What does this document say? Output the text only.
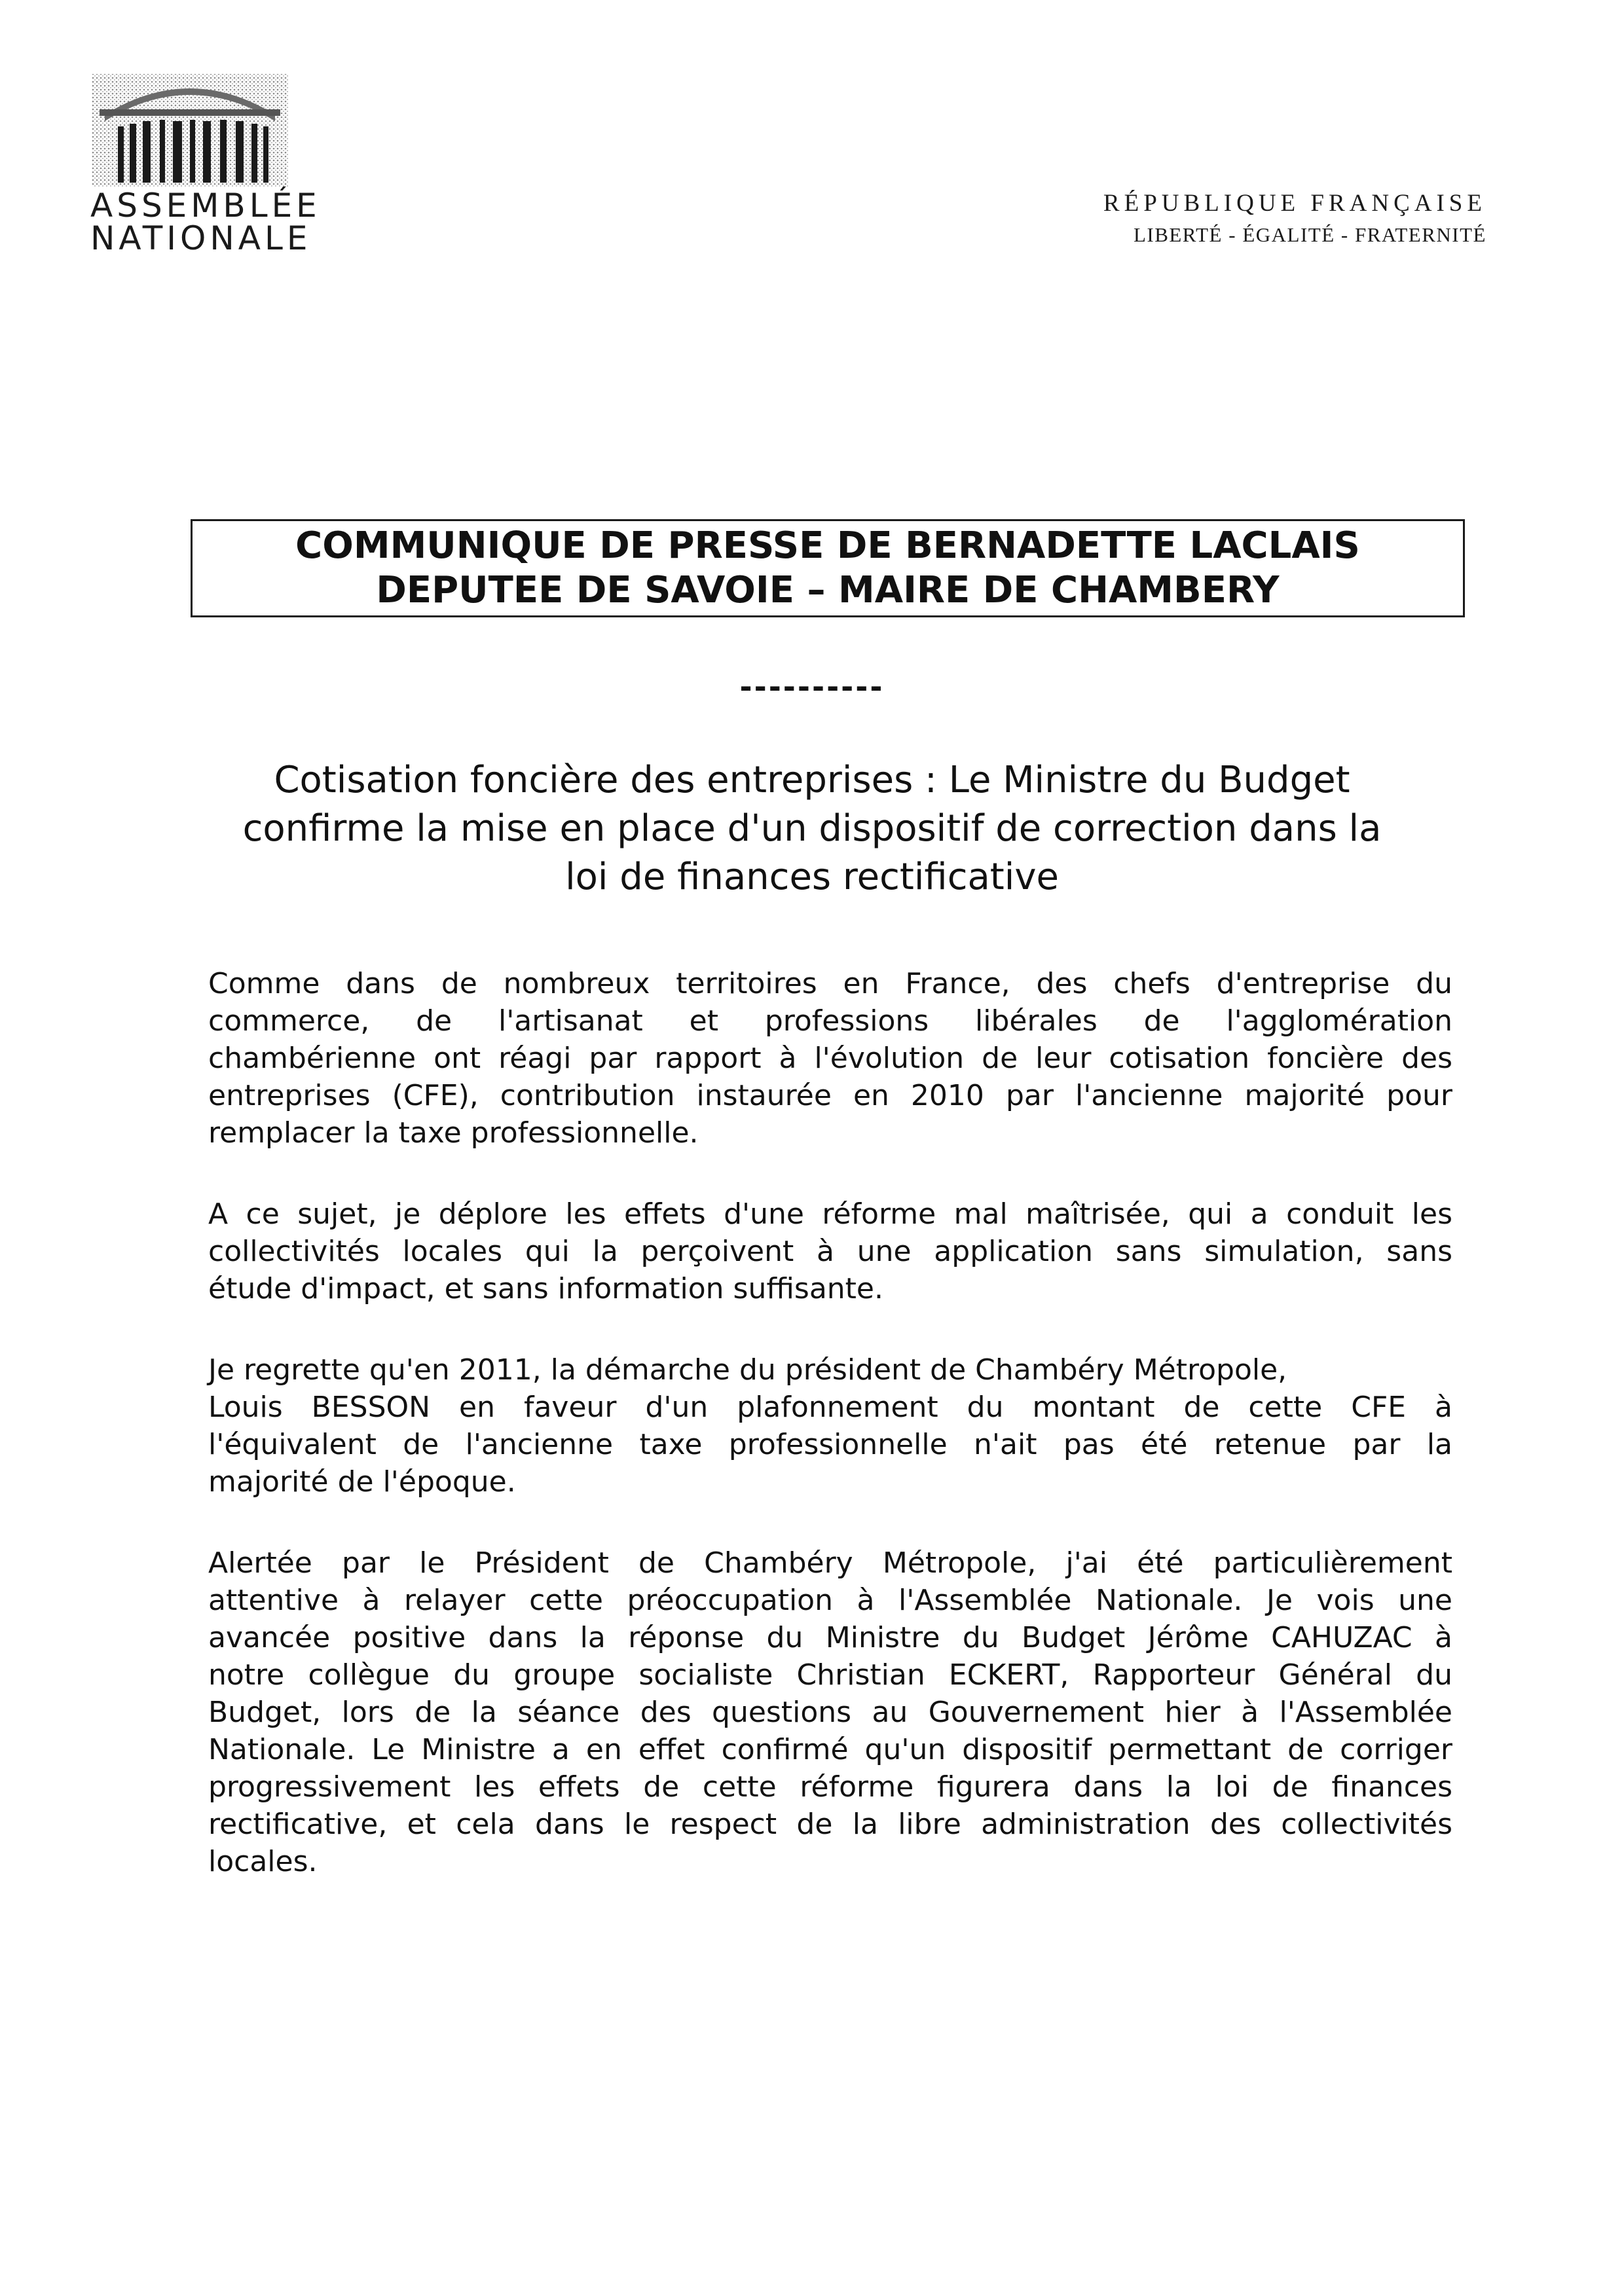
ASSEMBLÉE
NATIONALE
RÉPUBLIQUE FRANÇAISE
LIBERTÉ - ÉGALITÉ - FRATERNITÉ
COMMUNIQUE DE PRESSE DE BERNADETTE LACLAIS
DEPUTEE DE SAVOIE – MAIRE DE CHAMBERY
----------
Cotisation foncière des entreprises : Le Ministre du Budget
confirme la mise en place d'un dispositif de correction dans la
loi de finances rectificative
Comme dans de nombreux territoires en France, des chefs d'entreprise du
commerce, de l'artisanat et professions libérales de l'agglomération
chambérienne ont réagi par rapport à l'évolution de leur cotisation foncière des
entreprises (CFE), contribution instaurée en 2010 par l'ancienne majorité pour
remplacer la taxe professionnelle.
A ce sujet, je déplore les effets d'une réforme mal maîtrisée, qui a conduit les
collectivités locales qui la perçoivent à une application sans simulation, sans
étude d'impact, et sans information suffisante.
Je regrette qu'en 2011, la démarche du président de Chambéry Métropole,
Louis BESSON en faveur d'un plafonnement du montant de cette CFE à
l'équivalent de l'ancienne taxe professionnelle n'ait pas été retenue par la
majorité de l'époque.
Alertée par le Président de Chambéry Métropole, j'ai été particulièrement
attentive à relayer cette préoccupation à l'Assemblée Nationale. Je vois une
avancée positive dans la réponse du Ministre du Budget Jérôme CAHUZAC à
notre collègue du groupe socialiste Christian ECKERT, Rapporteur Général du
Budget, lors de la séance des questions au Gouvernement hier à l'Assemblée
Nationale. Le Ministre a en effet confirmé qu'un dispositif permettant de corriger
progressivement les effets de cette réforme figurera dans la loi de finances
rectificative, et cela dans le respect de la libre administration des collectivités
locales.
